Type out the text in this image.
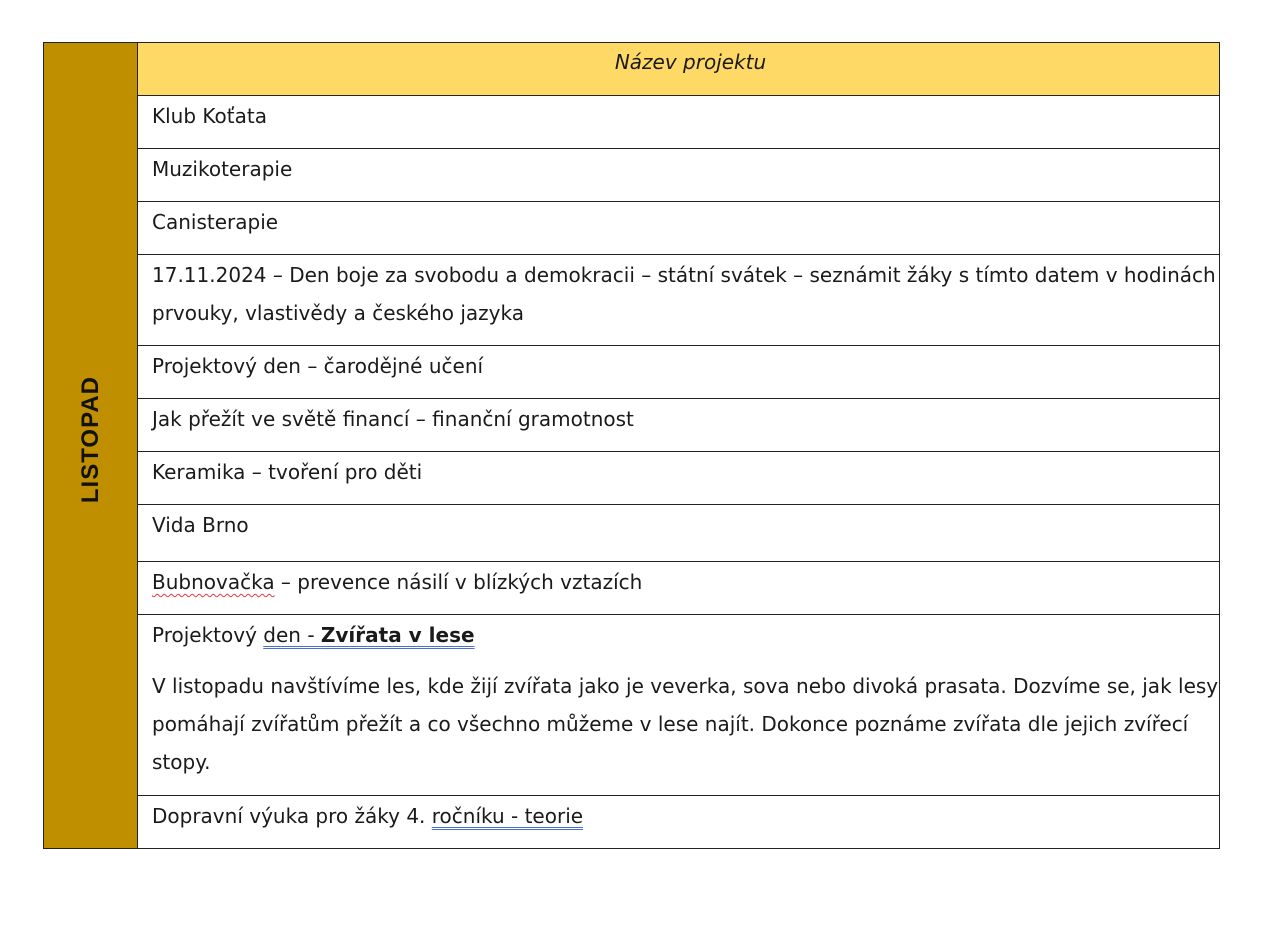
LISTOPAD	Název projektu

Klub Koťata

Muzikoterapie

Canisterapie

17.11.2024 – Den boje za svobodu a demokracii – státní svátek – seznámit žáky s tímto datem v hodinách prvouky, vlastivědy a českého jazyka

Projektový den – čarodějné učení

Jak přežít ve světě financí – finanční gramotnost

Keramika – tvoření pro děti

Vida Brno

Bubnovačka – prevence násilí v blízkých vztazích

Projektový den - Zvířata v lese
V listopadu navštívíme les, kde žijí zvířata jako je veverka, sova nebo divoká prasata. Dozvíme se, jak lesy pomáhají zvířatům přežít a co všechno můžeme v lese najít. Dokonce poznáme zvířata dle jejich zvířecí stopy.

Dopravní výuka pro žáky 4. ročníku - teorie
